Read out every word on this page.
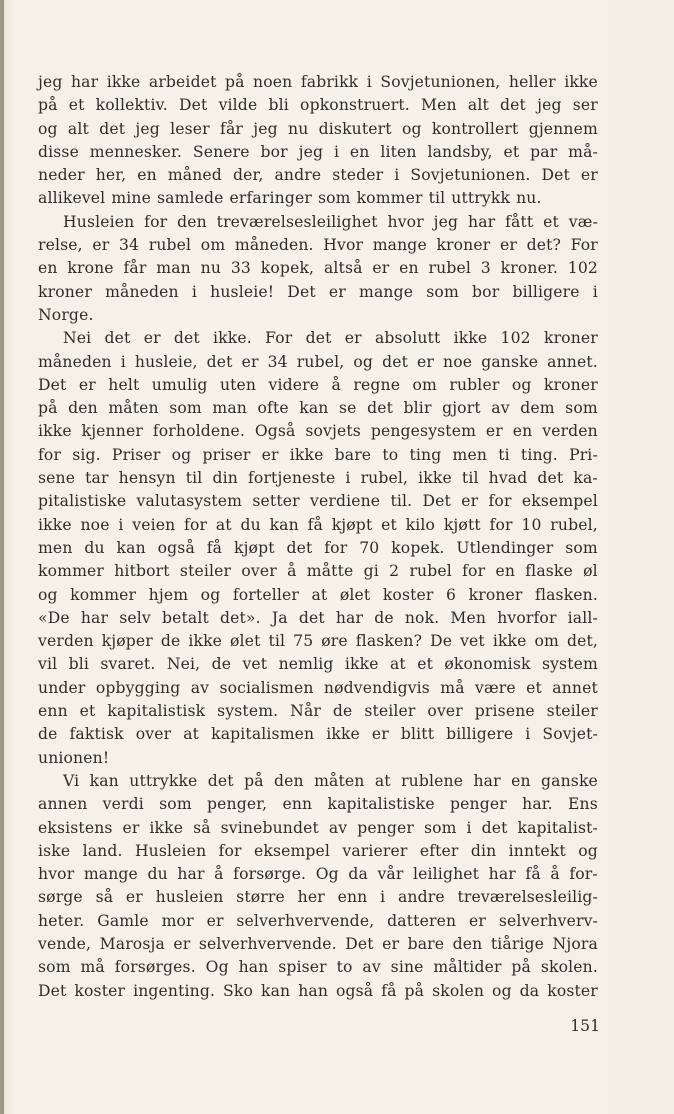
jeg har ikke arbeidet på noen fabrikk i Sovjetunionen, heller ikke
på et kollektiv. Det vilde bli opkonstruert. Men alt det jeg ser
og alt det jeg leser får jeg nu diskutert og kontrollert gjennem
disse mennesker. Senere bor jeg i en liten landsby, et par må-
neder her, en måned der, andre steder i Sovjetunionen. Det er
allikevel mine samlede erfaringer som kommer til uttrykk nu.
Husleien for den treværelsesleilighet hvor jeg har fått et væ-
relse, er 34 rubel om måneden. Hvor mange kroner er det? For
en krone får man nu 33 kopek, altså er en rubel 3 kroner. 102
kroner måneden i husleie! Det er mange som bor billigere i
Norge.
Nei det er det ikke. For det er absolutt ikke 102 kroner
måneden i husleie, det er 34 rubel, og det er noe ganske annet.
Det er helt umulig uten videre å regne om rubler og kroner
på den måten som man ofte kan se det blir gjort av dem som
ikke kjenner forholdene. Også sovjets pengesystem er en verden
for sig. Priser og priser er ikke bare to ting men ti ting. Pri-
sene tar hensyn til din fortjeneste i rubel, ikke til hvad det ka-
pitalistiske valutasystem setter verdiene til. Det er for eksempel
ikke noe i veien for at du kan få kjøpt et kilo kjøtt for 10 rubel,
men du kan også få kjøpt det for 70 kopek. Utlendinger som
kommer hitbort steiler over å måtte gi 2 rubel for en flaske øl
og kommer hjem og forteller at ølet koster 6 kroner flasken.
«De har selv betalt det». Ja det har de nok. Men hvorfor iall-
verden kjøper de ikke ølet til 75 øre flasken? De vet ikke om det,
vil bli svaret. Nei, de vet nemlig ikke at et økonomisk system
under opbygging av socialismen nødvendigvis må være et annet
enn et kapitalistisk system. Når de steiler over prisene steiler
de faktisk over at kapitalismen ikke er blitt billigere i Sovjet-
unionen!
Vi kan uttrykke det på den måten at rublene har en ganske
annen verdi som penger, enn kapitalistiske penger har. Ens
eksistens er ikke så svinebundet av penger som i det kapitalist-
iske land. Husleien for eksempel varierer efter din inntekt og
hvor mange du har å forsørge. Og da vår leilighet har få å for-
sørge så er husleien større her enn i andre treværelsesleilig-
heter. Gamle mor er selverhvervende, datteren er selverhverv-
vende, Marosja er selverhvervende. Det er bare den tiårige Njora
som må forsørges. Og han spiser to av sine måltider på skolen.
Det koster ingenting. Sko kan han også få på skolen og da koster
151
